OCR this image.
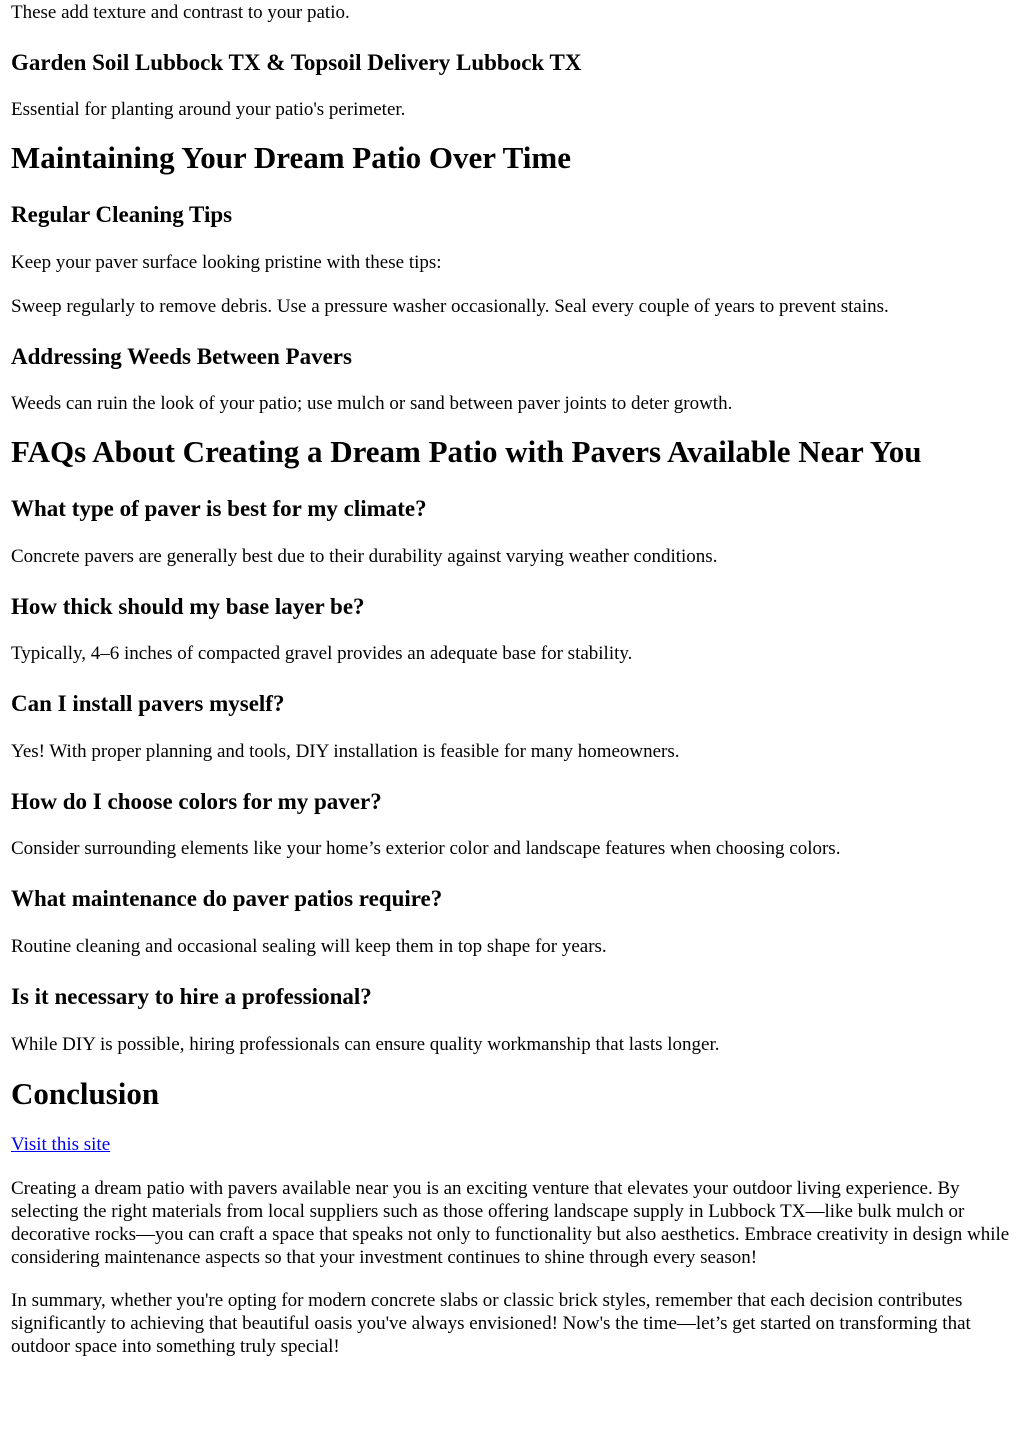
These add texture and contrast to your patio.

Garden Soil Lubbock TX & Topsoil Delivery Lubbock TX

Essential for planting around your patio's perimeter.

Maintaining Your Dream Patio Over Time
Regular Cleaning Tips

Keep your paver surface looking pristine with these tips:

Sweep regularly to remove debris. Use a pressure washer occasionally. Seal every couple of years to prevent stains.

Addressing Weeds Between Pavers

Weeds can ruin the look of your patio; use mulch or sand between paver joints to deter growth.

FAQs About Creating a Dream Patio with Pavers Available Near You
What type of paver is best for my climate?

Concrete pavers are generally best due to their durability against varying weather conditions.

How thick should my base layer be?

Typically, 4–6 inches of compacted gravel provides an adequate base for stability.

Can I install pavers myself?

Yes! With proper planning and tools, DIY installation is feasible for many homeowners.

How do I choose colors for my paver?

Consider surrounding elements like your home’s exterior color and landscape features when choosing colors.

What maintenance do paver patios require?

Routine cleaning and occasional sealing will keep them in top shape for years.

Is it necessary to hire a professional?

While DIY is possible, hiring professionals can ensure quality workmanship that lasts longer.

Conclusion

Visit this site

Creating a dream patio with pavers available near you is an exciting venture that elevates your outdoor living experience. By selecting the right materials from local suppliers such as those offering landscape supply in Lubbock TX—like bulk mulch or decorative rocks—you can craft a space that speaks not only to functionality but also aesthetics. Embrace creativity in design while considering maintenance aspects so that your investment continues to shine through every season!

In summary, whether you're opting for modern concrete slabs or classic brick styles, remember that each decision contributes significantly to achieving that beautiful oasis you've always envisioned! Now's the time—let’s get started on transforming that outdoor space into something truly special!
